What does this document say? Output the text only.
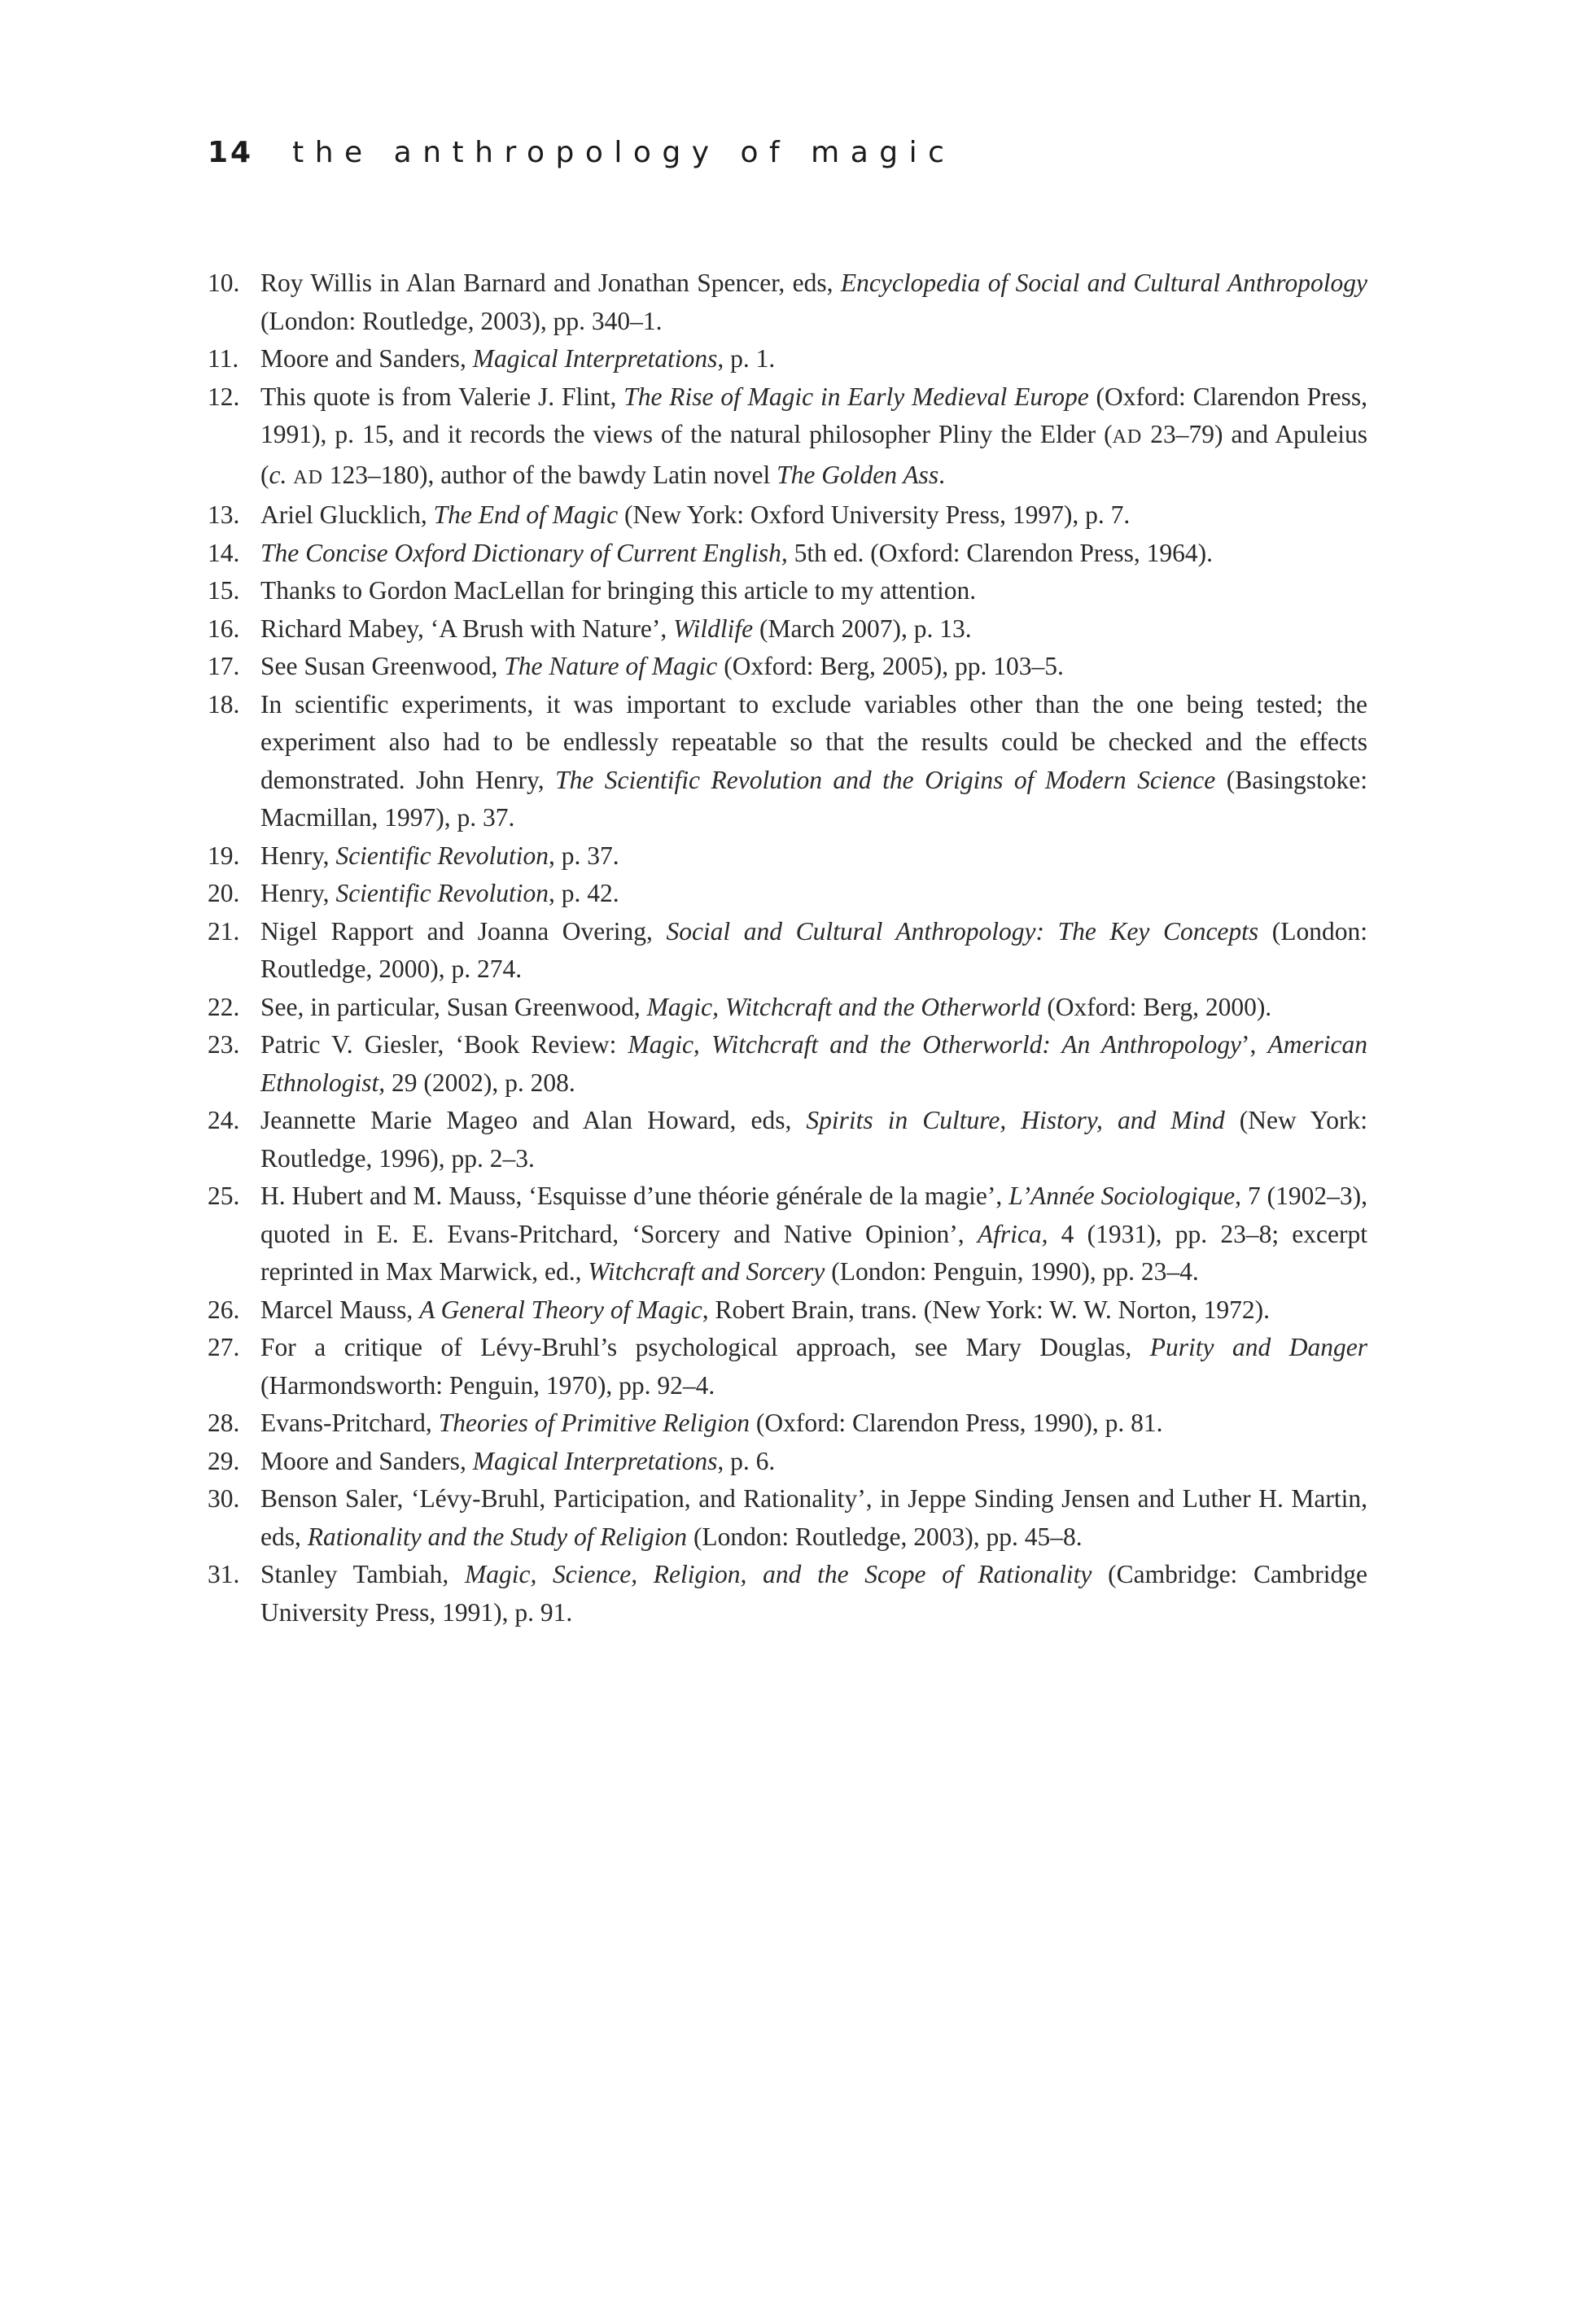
14 the anthropology of magic
10. Roy Willis in Alan Barnard and Jonathan Spencer, eds, Encyclopedia of Social and Cultural Anthropology (London: Routledge, 2003), pp. 340–1.
11. Moore and Sanders, Magical Interpretations, p. 1.
12. This quote is from Valerie J. Flint, The Rise of Magic in Early Medieval Europe (Oxford: Clarendon Press, 1991), p. 15, and it records the views of the natural philosopher Pliny the Elder (AD 23–79) and Apuleius (c. AD 123–180), author of the bawdy Latin novel The Golden Ass.
13. Ariel Glucklich, The End of Magic (New York: Oxford University Press, 1997), p. 7.
14. The Concise Oxford Dictionary of Current English, 5th ed. (Oxford: Clarendon Press, 1964).
15. Thanks to Gordon MacLellan for bringing this article to my attention.
16. Richard Mabey, ‘A Brush with Nature’, Wildlife (March 2007), p. 13.
17. See Susan Greenwood, The Nature of Magic (Oxford: Berg, 2005), pp. 103–5.
18. In scientific experiments, it was important to exclude variables other than the one being tested; the experiment also had to be endlessly repeatable so that the results could be checked and the effects demonstrated. John Henry, The Scientific Revolution and the Origins of Modern Science (Basingstoke: Macmillan, 1997), p. 37.
19. Henry, Scientific Revolution, p. 37.
20. Henry, Scientific Revolution, p. 42.
21. Nigel Rapport and Joanna Overing, Social and Cultural Anthropology: The Key Concepts (London: Routledge, 2000), p. 274.
22. See, in particular, Susan Greenwood, Magic, Witchcraft and the Otherworld (Oxford: Berg, 2000).
23. Patric V. Giesler, ‘Book Review: Magic, Witchcraft and the Otherworld: An Anthropology’, American Ethnologist, 29 (2002), p. 208.
24. Jeannette Marie Mageo and Alan Howard, eds, Spirits in Culture, History, and Mind (New York: Routledge, 1996), pp. 2–3.
25. H. Hubert and M. Mauss, ‘Esquisse d’une théorie générale de la magie’, L’Année Sociologique, 7 (1902–3), quoted in E. E. Evans-Pritchard, ‘Sorcery and Native Opinion’, Africa, 4 (1931), pp. 23–8; excerpt reprinted in Max Marwick, ed., Witchcraft and Sorcery (London: Penguin, 1990), pp. 23–4.
26. Marcel Mauss, A General Theory of Magic, Robert Brain, trans. (New York: W. W. Norton, 1972).
27. For a critique of Lévy-Bruhl’s psychological approach, see Mary Douglas, Purity and Danger (Harmondsworth: Penguin, 1970), pp. 92–4.
28. Evans-Pritchard, Theories of Primitive Religion (Oxford: Clarendon Press, 1990), p. 81.
29. Moore and Sanders, Magical Interpretations, p. 6.
30. Benson Saler, ‘Lévy-Bruhl, Participation, and Rationality’, in Jeppe Sinding Jensen and Luther H. Martin, eds, Rationality and the Study of Religion (London: Routledge, 2003), pp. 45–8.
31. Stanley Tambiah, Magic, Science, Religion, and the Scope of Rationality (Cambridge: Cambridge University Press, 1991), p. 91.
